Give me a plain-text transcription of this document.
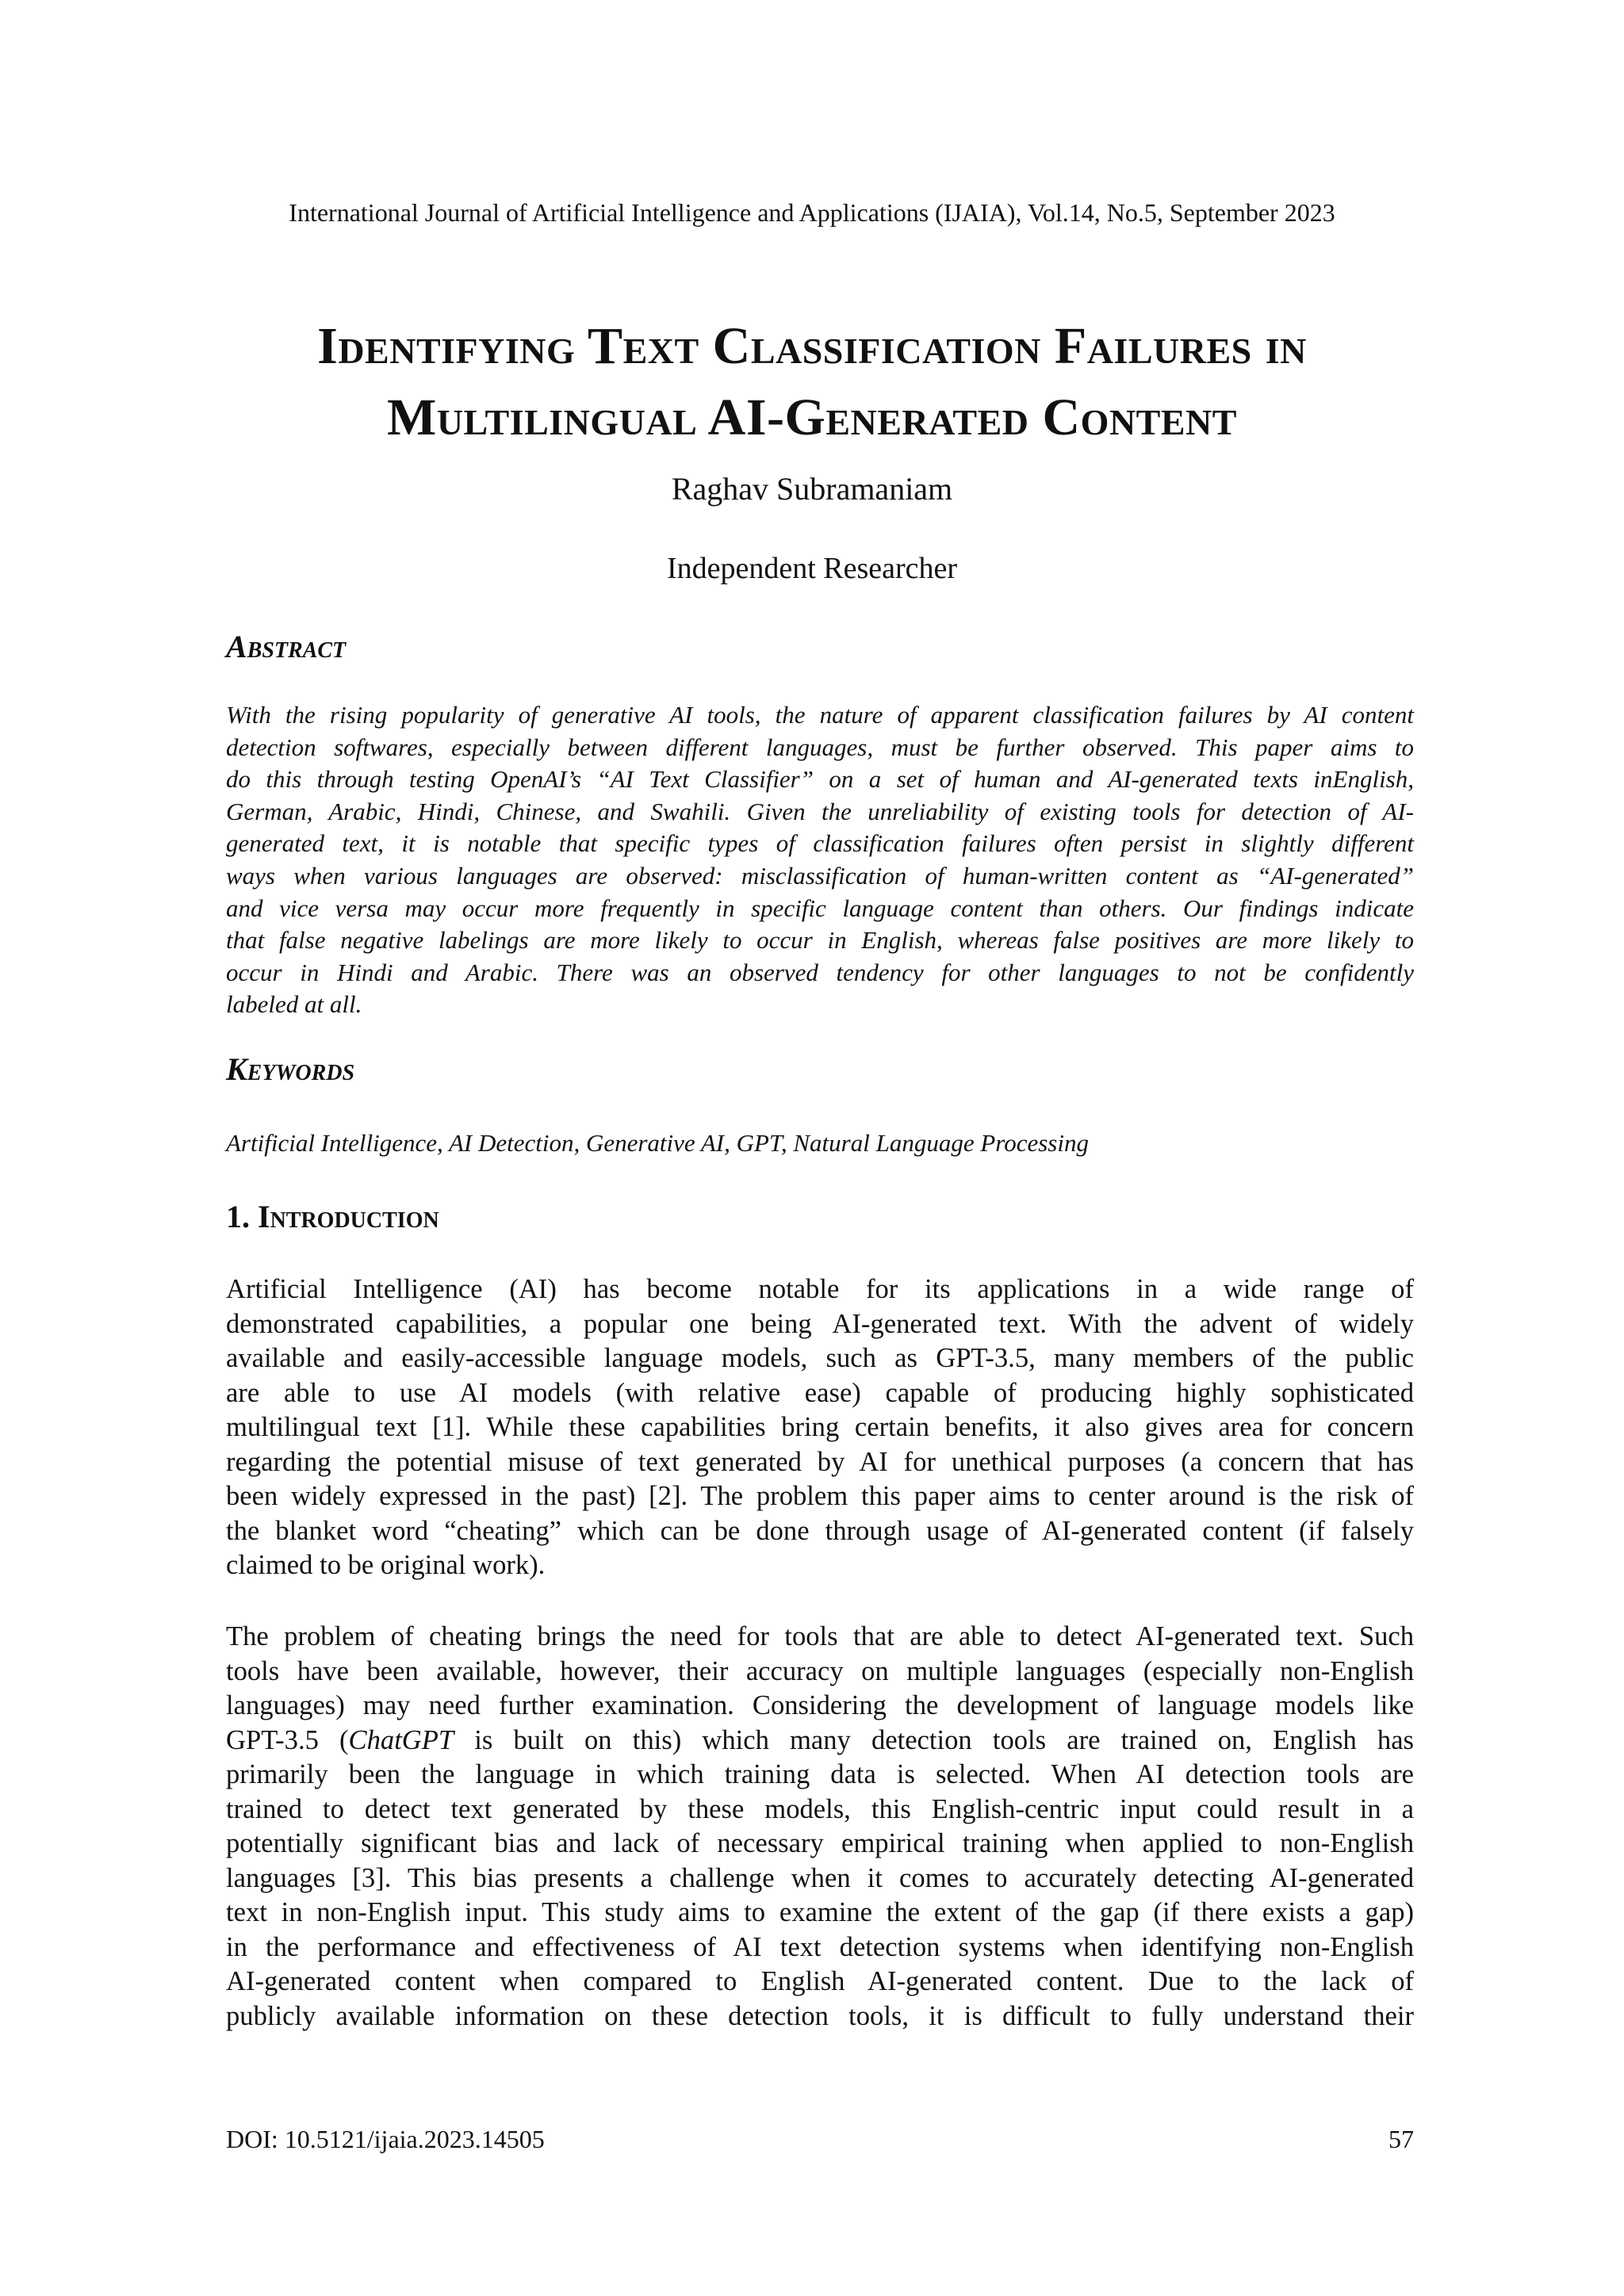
International Journal of Artificial Intelligence and Applications (IJAIA), Vol.14, No.5, September 2023
Identifying Text Classification Failures in
Multilingual AI-Generated Content
Raghav Subramaniam
Independent Researcher
Abstract
With the rising popularity of generative AI tools, the nature of apparent classification failures by AI content
detection softwares, especially between different languages, must be further observed. This paper aims to
do this through testing OpenAI’s “AI Text Classifier” on a set of human and AI-generated texts inEnglish,
German, Arabic, Hindi, Chinese, and Swahili. Given the unreliability of existing tools for detection of AI-
generated text, it is notable that specific types of classification failures often persist in slightly different
ways when various languages are observed: misclassification of human-written content as “AI-generated”
and vice versa may occur more frequently in specific language content than others. Our findings indicate
that false negative labelings are more likely to occur in English, whereas false positives are more likely to
occur in Hindi and Arabic. There was an observed tendency for other languages to not be confidently
labeled at all.
Keywords
Artificial Intelligence, AI Detection, Generative AI, GPT, Natural Language Processing
1. Introduction
Artificial Intelligence (AI) has become notable for its applications in a wide range of
demonstrated capabilities, a popular one being AI-generated text. With the advent of widely
available and easily-accessible language models, such as GPT-3.5, many members of the public
are able to use AI models (with relative ease) capable of producing highly sophisticated
multilingual text [1]. While these capabilities bring certain benefits, it also gives area for concern
regarding the potential misuse of text generated by AI for unethical purposes (a concern that has
been widely expressed in the past) [2]. The problem this paper aims to center around is the risk of
the blanket word “cheating” which can be done through usage of AI-generated content (if falsely
claimed to be original work).
The problem of cheating brings the need for tools that are able to detect AI-generated text. Such
tools have been available, however, their accuracy on multiple languages (especially non-English
languages) may need further examination. Considering the development of language models like
GPT-3.5 (ChatGPT is built on this) which many detection tools are trained on, English has
primarily been the language in which training data is selected. When AI detection tools are
trained to detect text generated by these models, this English-centric input could result in a
potentially significant bias and lack of necessary empirical training when applied to non-English
languages [3]. This bias presents a challenge when it comes to accurately detecting AI-generated
text in non-English input. This study aims to examine the extent of the gap (if there exists a gap)
in the performance and effectiveness of AI text detection systems when identifying non-English
AI-generated content when compared to English AI-generated content. Due to the lack of
publicly available information on these detection tools, it is difficult to fully understand their
DOI: 10.5121/ijaia.2023.14505	57
